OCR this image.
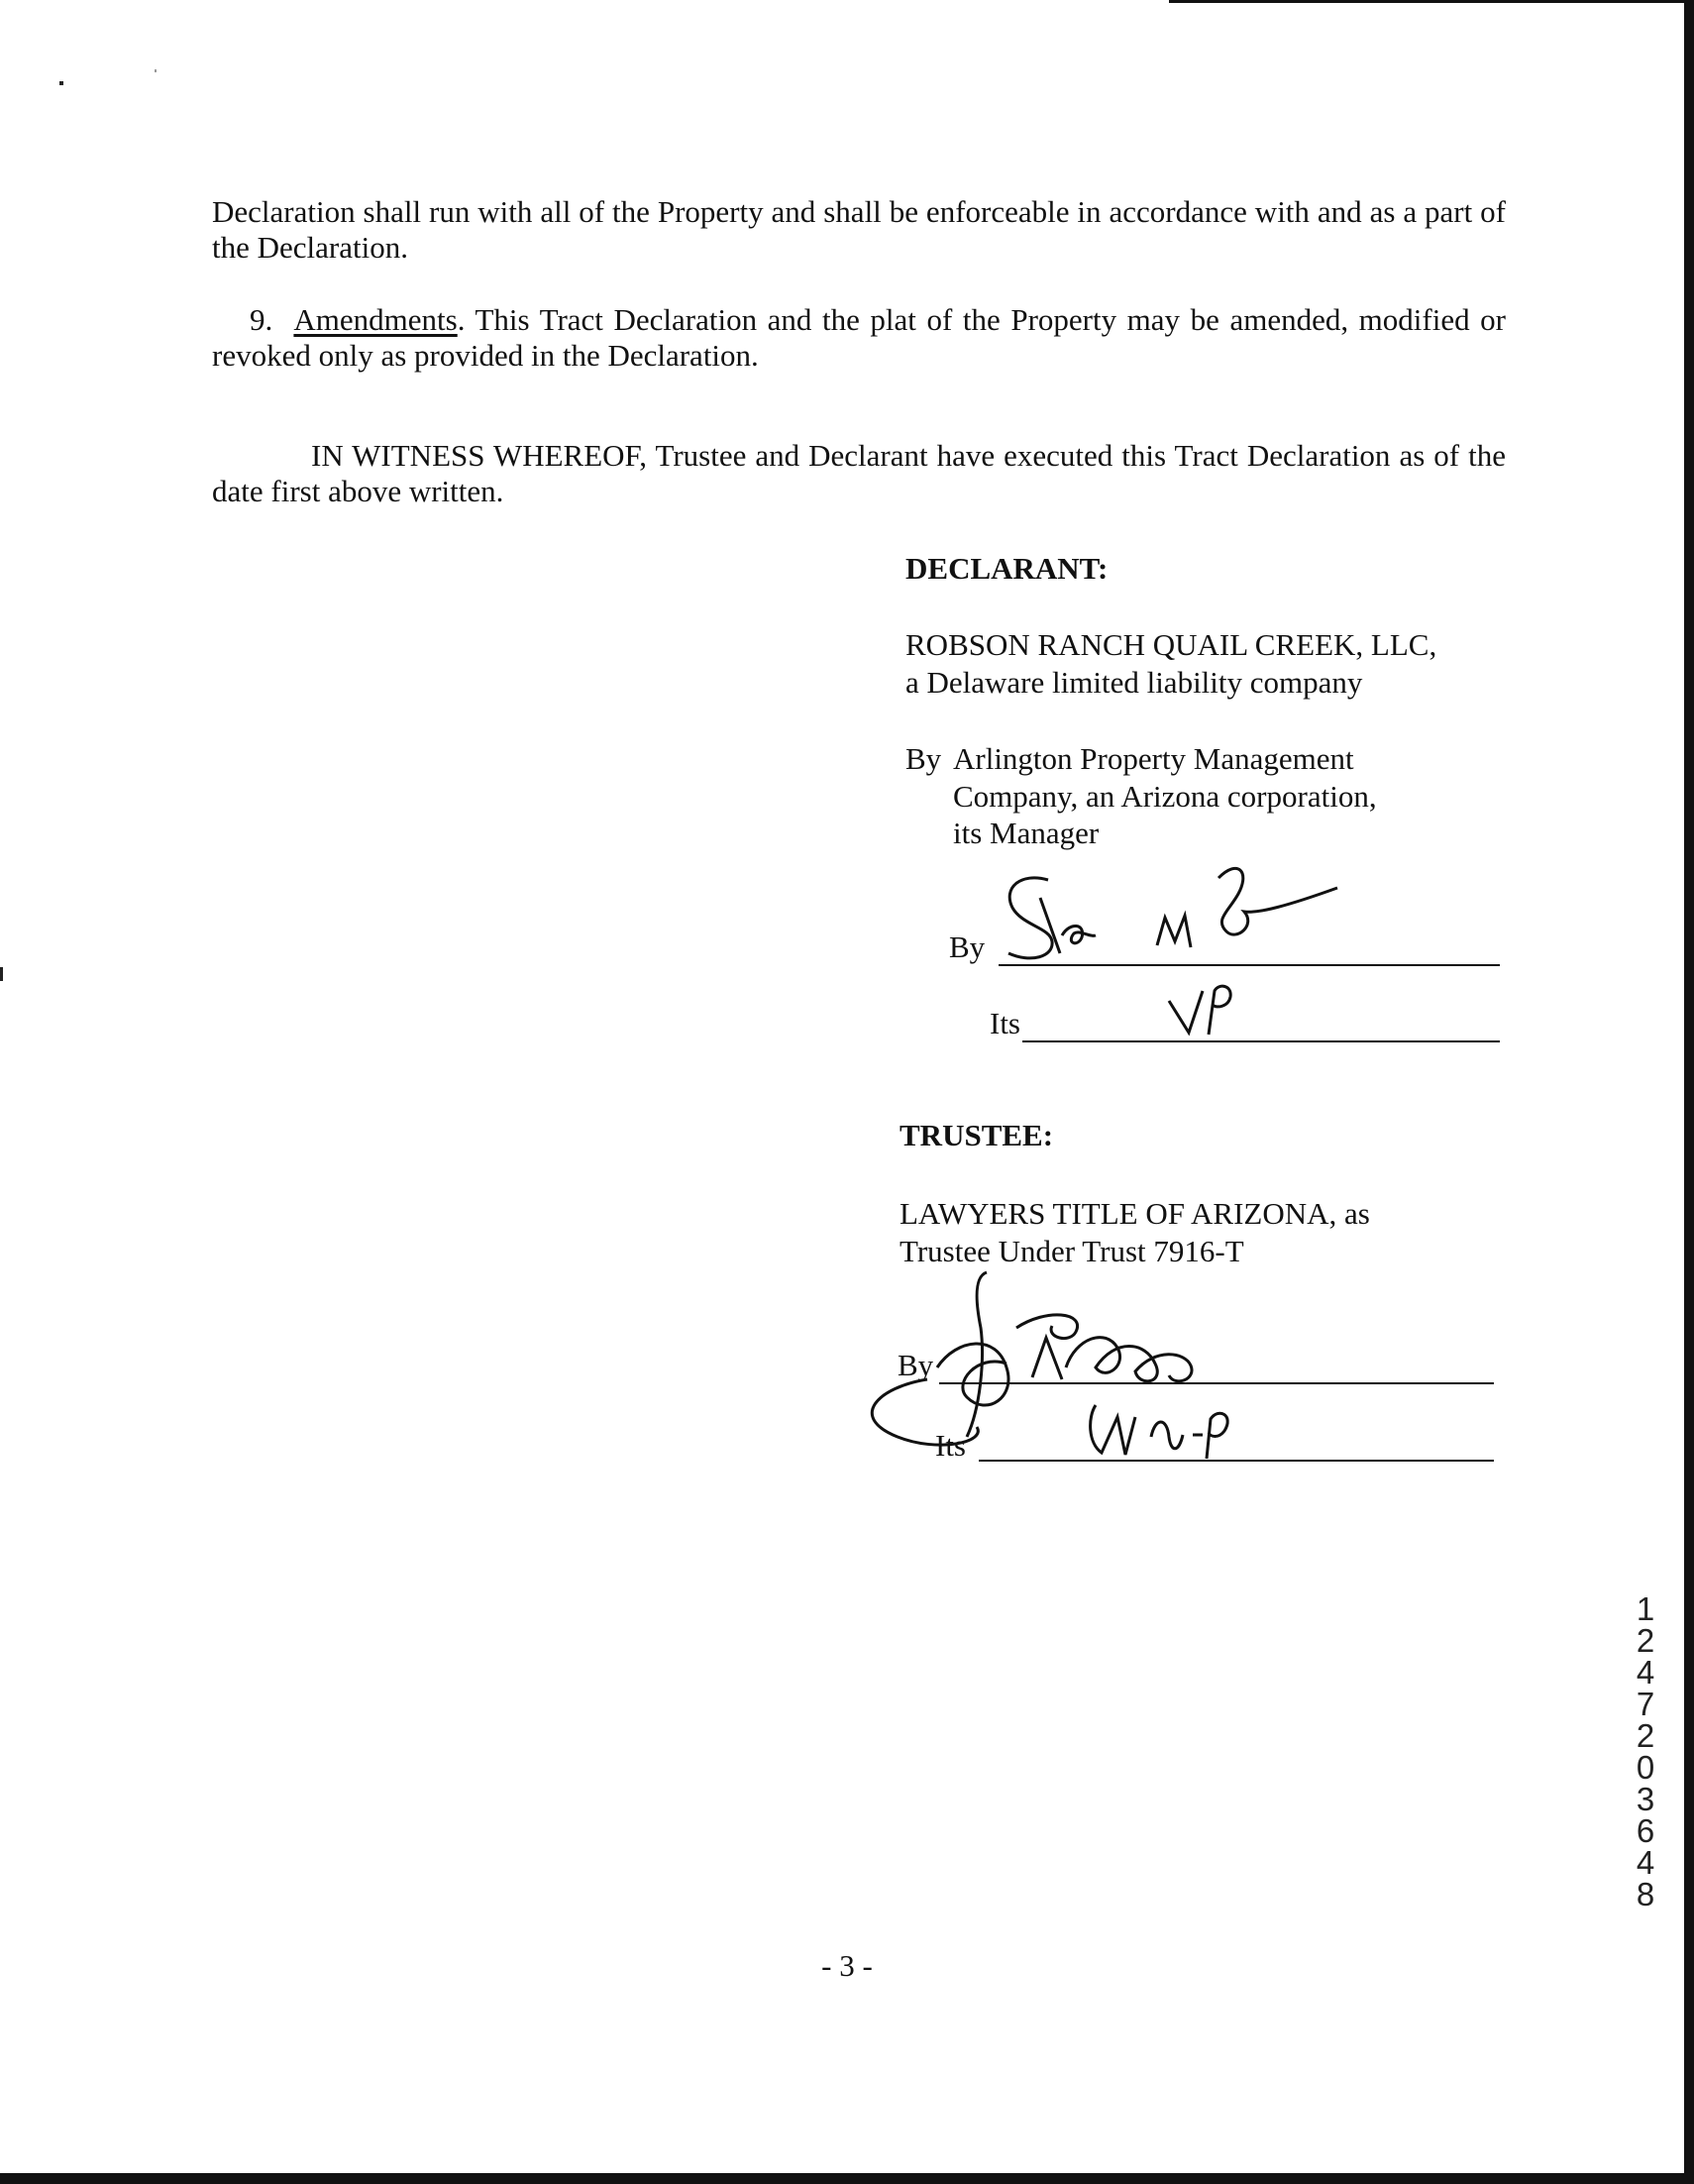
Declaration shall run with all of the Property and shall be enforceable in accordance with and as a part of the Declaration.

9. Amendments. This Tract Declaration and the plat of the Property may be amended, modified or revoked only as provided in the Declaration.

IN WITNESS WHEREOF, Trustee and Declarant have executed this Tract Declaration as of the date first above written.

DECLARANT:
ROBSON RANCH QUAIL CREEK, LLC,
a Delaware limited liability company
By Arlington Property Management
Company, an Arizona corporation,
its Manager
By
Its
TRUSTEE:
LAWYERS TITLE OF ARIZONA, as
Trustee Under Trust 7916-T
By
Its
12472 03648
- 3 -
